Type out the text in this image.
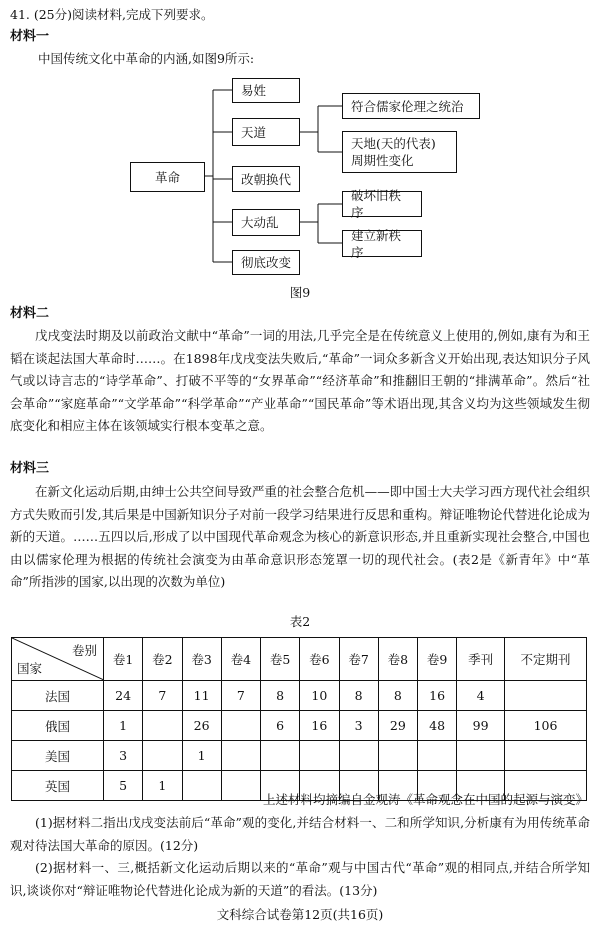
41. (25分)阅读材料,完成下列要求。
材料一
中国传统文化中革命的内涵,如图9所示:
革命
易姓
天道
改朝换代
大动乱
彻底改变
符合儒家伦理之统治
天地(天的代表)周期性变化
破坏旧秩序
建立新秩序
图9
材料二
戊戌变法时期及以前政治文献中“革命”一词的用法,几乎完全是在传统意义上使用的,例如,康有为和王韬在谈起法国大革命时……。在1898年戊戌变法失败后,“革命”一词众多新含义开始出现,表达知识分子风气或以诗言志的“诗学革命”、打破不平等的“女界革命”“经济革命”和推翻旧王朝的“排满革命”。然后“社会革命”“家庭革命”“文学革命”“科学革命”“产业革命”“国民革命”等术语出现,其含义均为这些领域发生彻底变化和相应主体在该领域实行根本变革之意。
材料三
在新文化运动后期,由绅士公共空间导致严重的社会整合危机——即中国士大夫学习西方现代社会组织方式失败而引发,其后果是中国新知识分子对前一段学习结果进行反思和重构。辩证唯物论代替进化论成为新的天道。……五四以后,形成了以中国现代革命观念为核心的新意识形态,并且重新实现社会整合,中国也由以儒家伦理为根据的传统社会演变为由革命意识形态笼罩一切的现代社会。(表2是《新青年》中“革命”所指涉的国家,以出现的次数为单位)
表2
卷别
国家	卷1	卷2	卷3	卷4	卷5	卷6	卷7	卷8	卷9	季刊	不定期刊
法国	24	7	11	7	8	10	8	8	16	4	
俄国	1		26		6	16	3	29	48	99	106
美国	3		1								
英国	5	1									
——上述材料均摘编自金观涛《革命观念在中国的起源与演变》
(1)据材料二指出戊戌变法前后“革命”观的变化,并结合材料一、二和所学知识,分析康有为用传统革命观对待法国大革命的原因。(12分)
(2)据材料一、三,概括新文化运动后期以来的“革命”观与中国古代“革命”观的相同点,并结合所学知识,谈谈你对“辩证唯物论代替进化论成为新的天道”的看法。(13分)
文科综合试卷第12页(共16页)
